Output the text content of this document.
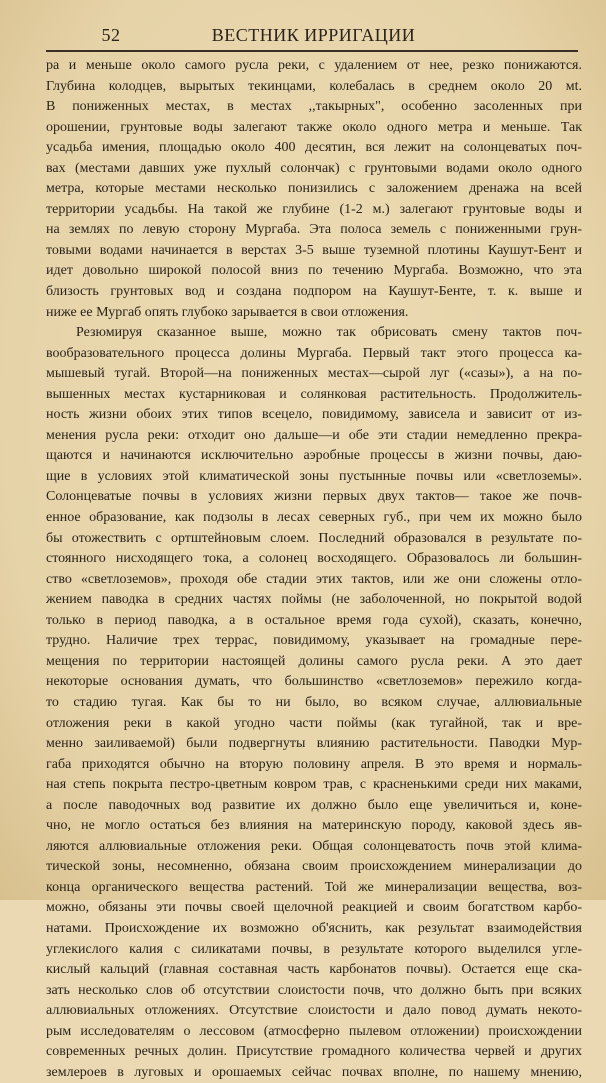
52	ВЕСТНИК ИРРИГАЦИИ
ра и меньше около самого русла реки, с удалением от нее, резко понижаются.
Глубина колодцев, вырытых текинцами, колебалась в среднем около 20 мt.
В пониженных местах, в местах ,,такырных", особенно засоленных при
орошении, грунтовые воды залегают также около одного метра и меньше. Так
усадьба имения, площадью около 400 десятин, вся лежит на солонцеватых поч-
вах (местами давших уже пухлый солончак) с грунтовыми водами около одного
метра, которые местами несколько понизились с заложением дренажа на всей
территории усадьбы. На такой же глубине (1-2 м.) залегают грунтовые воды и
на землях по левую сторону Мургаба. Эта полоса земель с пониженными грун-
товыми водами начинается в верстах 3-5 выше туземной плотины Каушут-Бент и
идет довольно широкой полосой вниз по течению Мургаба. Возможно, что эта
близость грунтовых вод и создана подпором на Каушут-Бенте, т. к. выше и
ниже ее Мургаб опять глубоко зарывается в свои отложения.
Резюмируя сказанное выше, можно так обрисовать смену тактов поч-
вообразовательного процесса долины Мургаба. Первый такт этого процесса ка-
мышевый тугай. Второй—на пониженных местах—сырой луг («сазы»), а на по-
вышенных местах кустарниковая и солянковая растительность. Продолжитель-
ность жизни обоих этих типов всецело, повидимому, зависела и зависит от из-
менения русла реки: отходит оно дальше—и обе эти стадии немедленно прекра-
щаются и начинаются исключительно аэробные процессы в жизни почвы, даю-
щие в условиях этой климатической зоны пустынные почвы или «светлоземы».
Солонцеватые почвы в условиях жизни первых двух тактов— такое же почв-
енное образование, как подзолы в лесах северных губ., при чем их можно было
бы отожествить с ортштейновым слоем. Последний образовался в результате по-
стоянного нисходящего тока, а солонец восходящего. Образовалось ли большин-
ство «светлоземов», проходя обе стадии этих тактов, или же они сложены отло-
жением паводка в средних частях поймы (не заболоченной, но покрытой водой
только в период паводка, а в остальное время года сухой), сказать, конечно,
трудно. Наличие трех террас, повидимому, указывает на громадные пере-
мещения по территории настоящей долины самого русла реки. А это дает
некоторые основания думать, что большинство «светлоземов» пережило когда-
то стадию тугая. Как бы то ни было, во всяком случае, аллювиальные
отложения реки в какой угодно части поймы (как тугайной, так и вре-
менно заиливаемой) были подвергнуты влиянию растительности. Паводки Мур-
габа приходятся обычно на вторую половину апреля. В это время и нормаль-
ная степь покрыта пестро-цветным ковром трав, с красненькими среди них маками,
а после паводочных вод развитие их должно было еще увеличиться и, коне-
чно, не могло остаться без влияния на материнскую породу, каковой здесь яв-
ляются аллювиальные отложения реки. Общая солонцеватость почв этой клима-
тической зоны, несомненно, обязана своим происхождением минерализации до
конца органического вещества растений. Той же минерализации вещества, воз-
можно, обязаны эти почвы своей щелочной реакцией и своим богатством карбо-
натами. Происхождение их возможно об'яснить, как результат взаимодействия
углекислого калия с силикатами почвы, в результате которого выделился угле-
кислый кальций (главная составная часть карбонатов почвы). Остается еще ска-
зать несколько слов об отсутствии слоистости почв, что должно быть при всяких
аллювиальных отложениях. Отсутствие слоистости и дало повод думать некото-
рым исследователям о лессовом (атмосферно пылевом отложении) происхождении
современных речных долин. Присутствие громадного количества червей и других
землероев в луговых и орошаемых сейчас почвах вполне, по нашему мнению,
